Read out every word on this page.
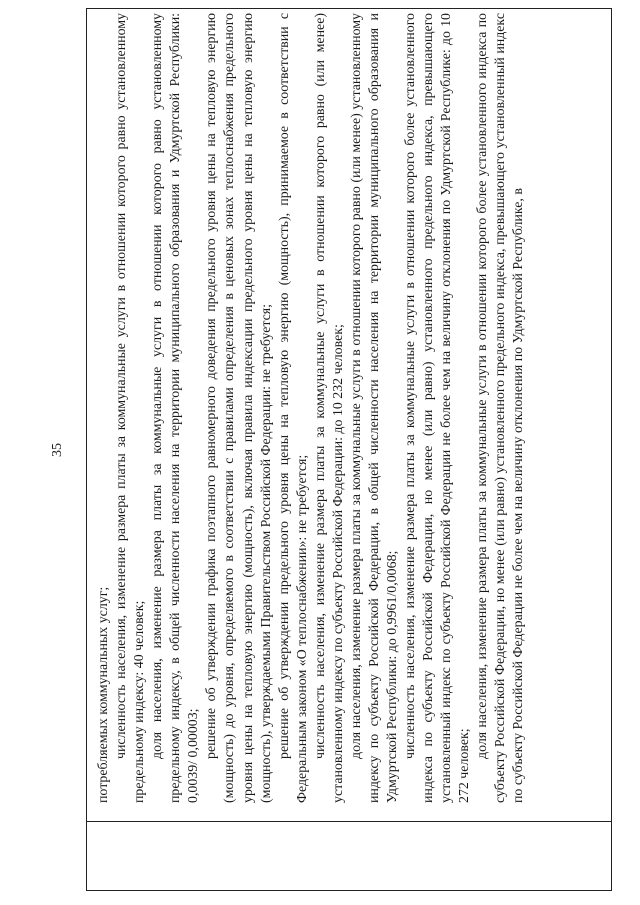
35

потребляемых коммунальных услуг; численность населения, изменение размера платы за коммунальные услуги в отношении которого равно установленному предельному индексу: 40 человек; доля населения, изменение размера платы за коммунальные услуги в отношении которого равно установленному предельному индексу, в общей численности населения на территории муниципального образования и Удмуртской Республики: 0,0039/ 0,00003; решение об утверждении графика поэтапного равномерного доведения предельного уровня цены на тепловую энергию (мощность) до уровня, определяемого в соответствии с правилами определения в ценовых зонах теплоснабжения предельного уровня цены на тепловую энергию (мощность), включая правила индексации предельного уровня цены на тепловую энергию (мощность), утверждаемыми Правительством Российской Федерации: не требуется; решение об утверждении предельного уровня цены на тепловую энергию (мощность), принимаемое в соответствии с Федеральным законом «О теплоснабжении»: не требуется; численность населения, изменение размера платы за коммунальные услуги в отношении которого равно (или менее) установленному индексу по субъекту Российской Федерации: до 10 232 человек; доля населения, изменение размера платы за коммунальные услуги в отношении которого равно (или менее) установленному индексу по субъекту Российской Федерации, в общей численности населения на территории муниципального образования и Удмуртской Республики: до 0,9961/0,0068; численность населения, изменение размера платы за коммунальные услуги в отношении которого более установленного индекса по субъекту Российской Федерации, но менее (или равно) установленного предельного индекса, превышающего установленный индекс по субъекту Российской Федерации не более чем на величину отклонения по Удмуртской Республике: до 10 272 человек;

доля населения, изменение размера платы за коммунальные услуги в отношении которого более установленного индекса по субъекту Российской Федерации, но менее (или равно) установленного предельного индекса, превышающего установленный индекс по субъекту Российской Федерации не более чем на величину отклонения по Удмуртской Республике, в
